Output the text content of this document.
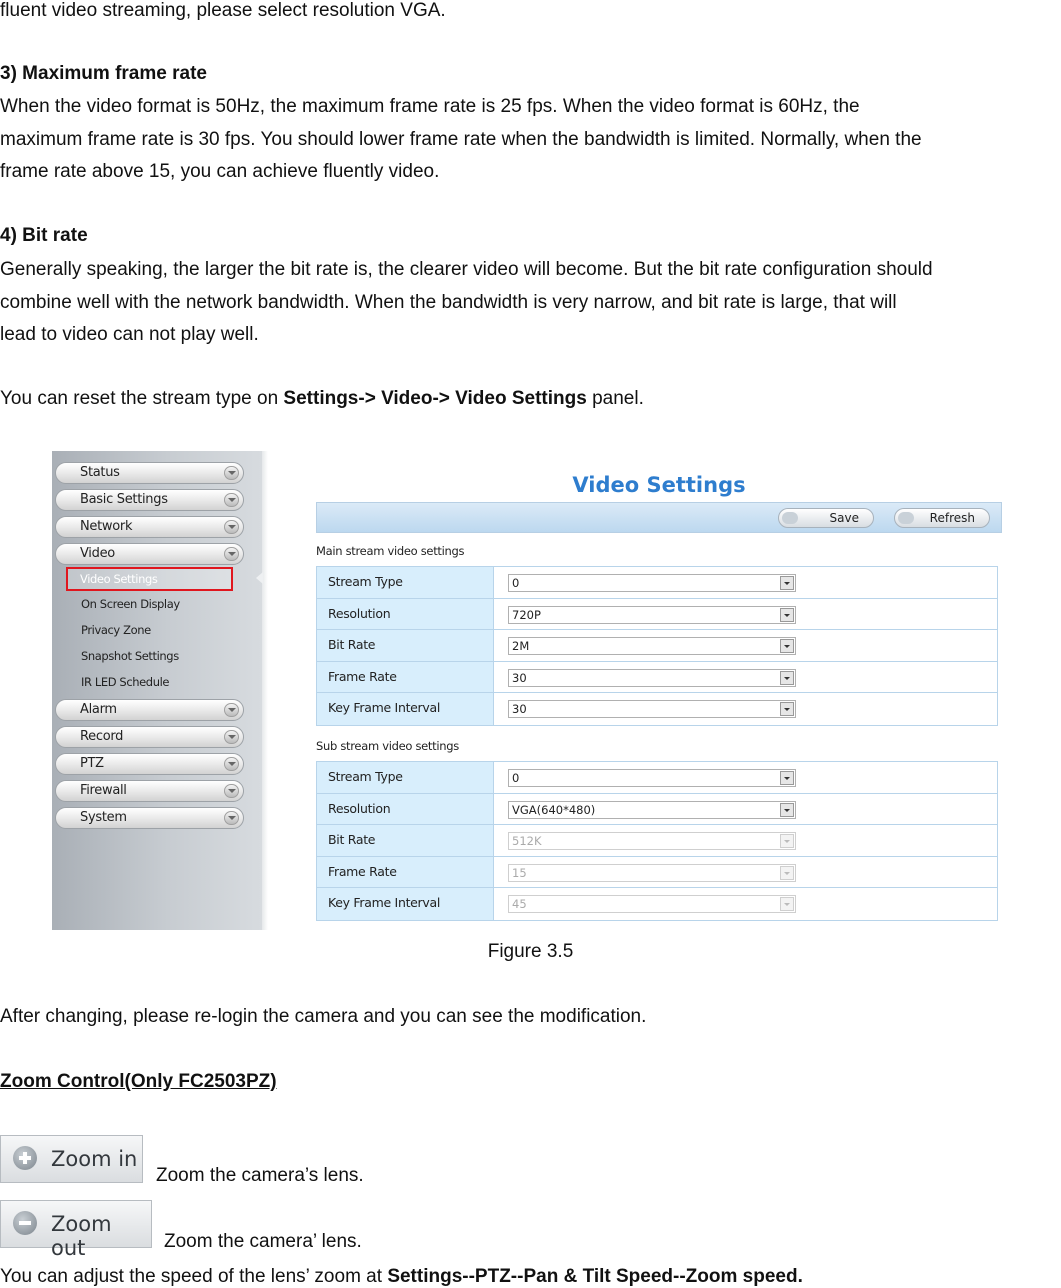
fluent video streaming, please select resolution VGA.
3) Maximum frame rate
When the video format is 50Hz, the maximum frame rate is 25 fps. When the video format is 60Hz, the
maximum frame rate is 30 fps. You should lower frame rate when the bandwidth is limited. Normally, when the
frame rate above 15, you can achieve fluently video.
4) Bit rate
Generally speaking, the larger the bit rate is, the clearer video will become. But the bit rate configuration should
combine well with the network bandwidth. When the bandwidth is very narrow, and bit rate is large, that will
lead to video can not play well.
You can reset the stream type on Settings-> Video-> Video Settings panel.
Status
Basic Settings
Network
Video
Video Settings
On Screen Display
Privacy Zone
Snapshot Settings
IR LED Schedule
Alarm
Record
PTZ
Firewall
System
Video Settings
Save	Refresh
Main stream video settings
Stream Type	0
Resolution	720P
Bit Rate	2M
Frame Rate	30
Key Frame Interval	30
Sub stream video settings
Stream Type	0
Resolution	VGA(640*480)
Bit Rate	512K
Frame Rate	15
Key Frame Interval	45
Figure 3.5
After changing, please re-login the camera and you can see the modification.
Zoom Control(Only FC2503PZ)
Zoom in
Zoom the camera’s lens.
Zoom out	Zoom the camera’ lens.
You can adjust the speed of the lens’ zoom at Settings--PTZ--Pan & Tilt Speed--Zoom speed.
